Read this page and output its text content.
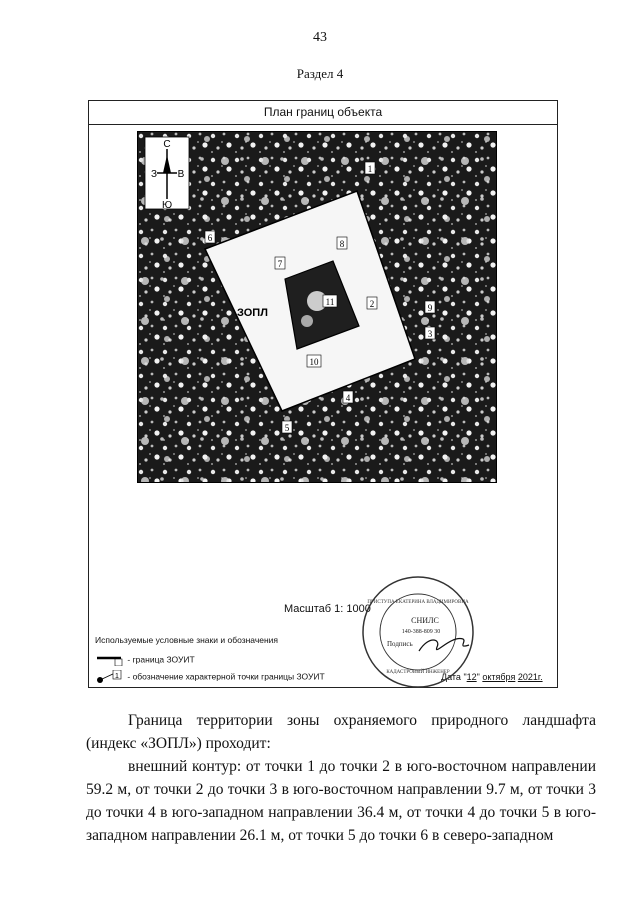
43
Раздел 4
План границ объекта
С
Ю
З В
ЗОПЛ
1
2
3
4
5
6
7
8
9
10
11
Масштаб 1: 1000
Используемые условные знаки и обозначения
- граница ЗОУИТ
1 - обозначение характерной точки границы ЗОУИТ	Дата "12" октября 2021г.
ПРИСТУПА ЕКАТЕРИНА ВЛАДИМИРОВНА
СНИЛС
140-388-809 30
КАДАСТРОВЫЙ ИНЖЕНЕР
Подпись

Граница территории зоны охраняемого природного ландшафта (индекс «ЗОПЛ») проходит:

внешний контур: от точки 1 до точки 2 в юго-восточном направлении 59.2 м, от точки 2 до точки 3 в юго-восточном направлении 9.7 м, от точки 3 до точки 4 в юго-западном направлении 36.4 м, от точки 4 до точки 5 в юго-западном направлении 26.1 м, от точки 5 до точки 6 в северо-западном
